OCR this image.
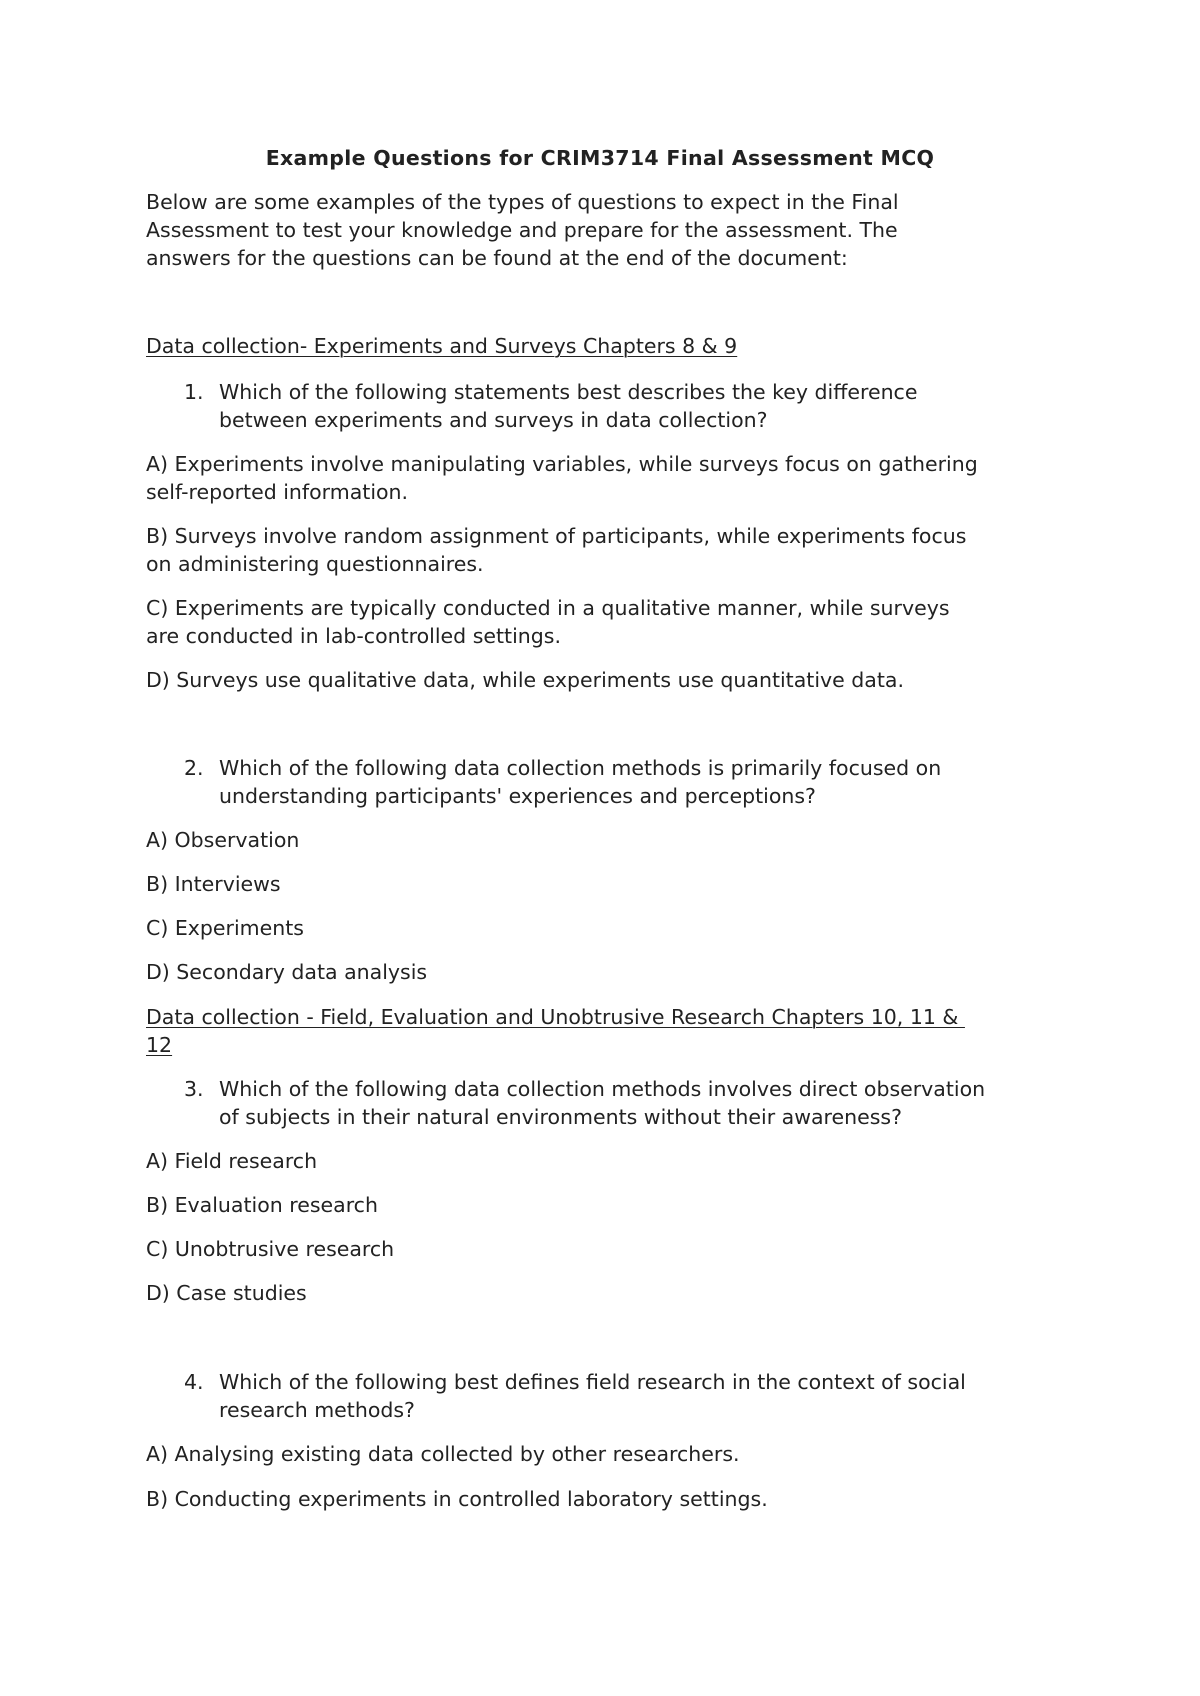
Example Questions for CRIM3714 Final Assessment MCQ

Below are some examples of the types of questions to expect in the Final

Assessment to test your knowledge and prepare for the assessment. The

answers for the questions can be found at the end of the document:

Data collection- Experiments and Surveys Chapters 8 & 9

1. Which of the following statements best describes the key difference

between experiments and surveys in data collection?

A) Experiments involve manipulating variables, while surveys focus on gathering

self-reported information.

B) Surveys involve random assignment of participants, while experiments focus

on administering questionnaires.

C) Experiments are typically conducted in a qualitative manner, while surveys

are conducted in lab-controlled settings.

D) Surveys use qualitative data, while experiments use quantitative data.

2. Which of the following data collection methods is primarily focused on

understanding participants' experiences and perceptions?

A) Observation

B) Interviews

C) Experiments

D) Secondary data analysis

Data collection - Field, Evaluation and Unobtrusive Research Chapters 10, 11 &

12

3. Which of the following data collection methods involves direct observation

of subjects in their natural environments without their awareness?

A) Field research

B) Evaluation research

C) Unobtrusive research

D) Case studies

4. Which of the following best defines field research in the context of social

research methods?

A) Analysing existing data collected by other researchers.

B) Conducting experiments in controlled laboratory settings.
